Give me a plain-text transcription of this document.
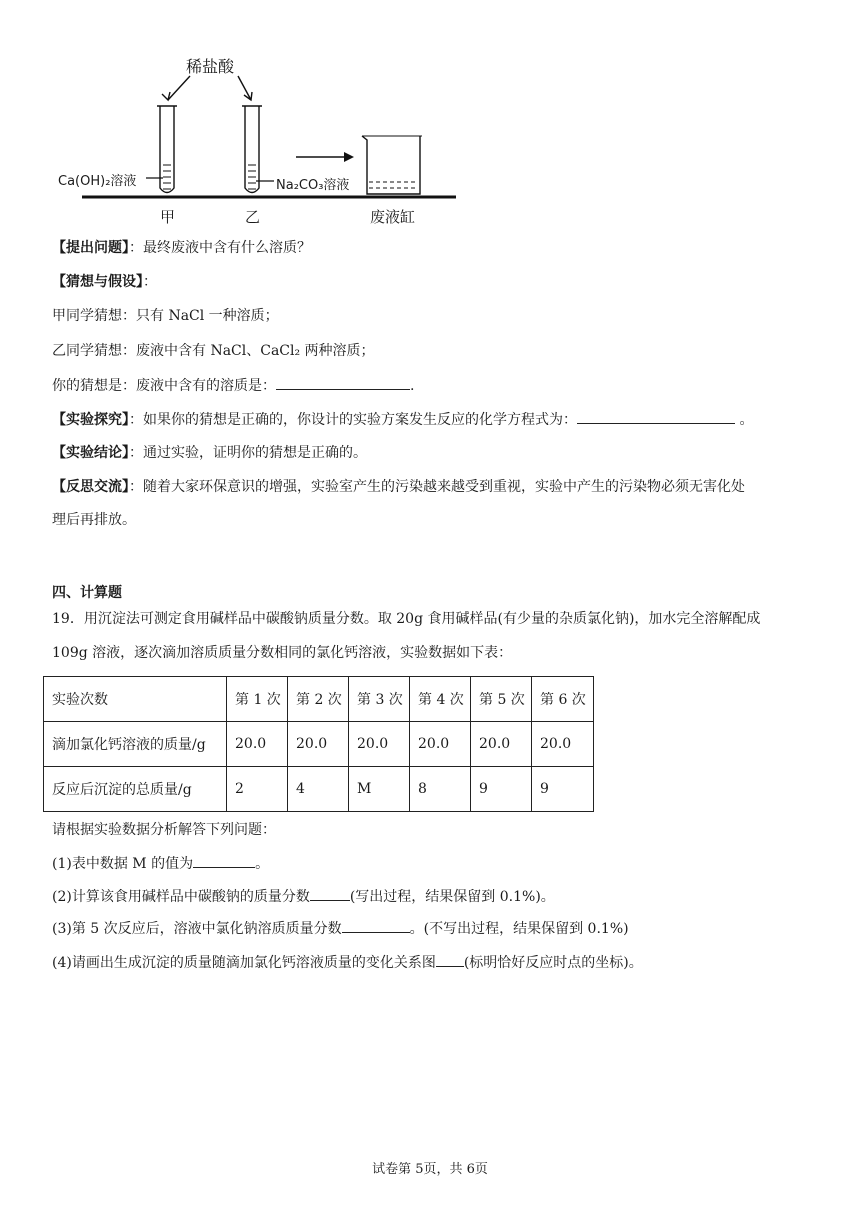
稀盐酸
Ca(OH)₂溶液	Na₂CO₃溶液
甲	乙	废液缸
【提出问题】：最终废液中含有什么溶质？
【猜想与假设】：
甲同学猜想：只有 NaCl 一种溶质；
乙同学猜想：废液中含有 NaCl、CaCl₂ 两种溶质；
你的猜想是：废液中含有的溶质是：	.
【实验探究】：如果你的猜想是正确的，你设计的实验方案发生反应的化学方程式为：	。
【实验结论】：通过实验，证明你的猜想是正确的。
【反思交流】：随着大家环保意识的增强，实验室产生的污染越来越受到重视，实验中产生的污染物必须无害化处
理后再排放。
四、计算题
19．用沉淀法可测定食用碱样品中碳酸钠质量分数。取 20g 食用碱样品(有少量的杂质氯化钠)，加水完全溶解配成
109g 溶液，逐次滴加溶质质量分数相同的氯化钙溶液，实验数据如下表：
实验次数	第 1 次	第 2 次	第 3 次	第 4 次	第 5 次	第 6 次
滴加氯化钙溶液的质量/g	20.0	20.0	20.0	20.0	20.0	20.0
反应后沉淀的总质量/g	2	4	M	8	9	9
请根据实验数据分析解答下列问题：
(1)表中数据 M 的值为	。
(2)计算该食用碱样品中碳酸钠的质量分数	(写出过程，结果保留到 0.1%)。
(3)第 5 次反应后，溶液中氯化钠溶质质量分数	。(不写出过程，结果保留到 0.1%)
(4)请画出生成沉淀的质量随滴加氯化钙溶液质量的变化关系图 (标明恰好反应时点的坐标)。
试卷第 5页，共 6页
